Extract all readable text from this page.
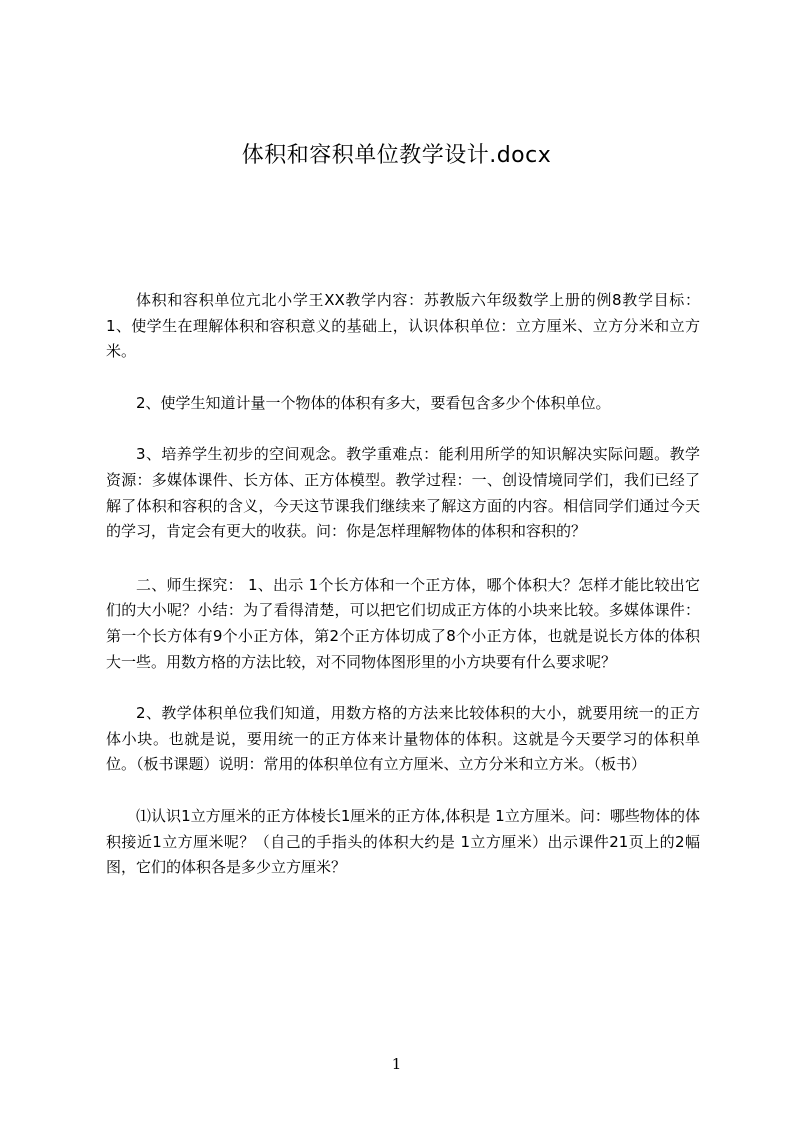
体积和容积单位教学设计.docx

体积和容积单位亢北小学王XX教学内容：苏教版六年级数学上册的例8教学目标：1、使学生在理解体积和容积意义的基础上，认识体积单位：立方厘米、立方分米和立方米。

2、使学生知道计量一个物体的体积有多大，要看包含多少个体积单位。

3、培养学生初步的空间观念。教学重难点：能利用所学的知识解决实际问题。教学资源：多媒体课件、长方体、正方体模型。教学过程：一、创设情境同学们，我们已经了解了体积和容积的含义，今天这节课我们继续来了解这方面的内容。相信同学们通过今天的学习，肯定会有更大的收获。问：你是怎样理解物体的体积和容积的？

二、师生探究： 1、出示 1个长方体和一个正方体，哪个体积大？怎样才能比较出它们的大小呢？小结：为了看得清楚，可以把它们切成正方体的小块来比较。多媒体课件：第一个长方体有9个小正方体，第2个正方体切成了8个小正方体，也就是说长方体的体积大一些。用数方格的方法比较，对不同物体图形里的小方块要有什么要求呢？

2、教学体积单位我们知道，用数方格的方法来比较体积的大小，就要用统一的正方体小块。也就是说，要用统一的正方体来计量物体的体积。这就是今天要学习的体积单位。（板书课题）说明：常用的体积单位有立方厘米、立方分米和立方米。（板书）

⑴认识1立方厘米的正方体棱长1厘米的正方体,体积是 1立方厘米。问：哪些物体的体积接近1立方厘米呢？（自己的手指头的体积大约是 1立方厘米）出示课件21页上的2幅图，它们的体积各是多少立方厘米？

1
